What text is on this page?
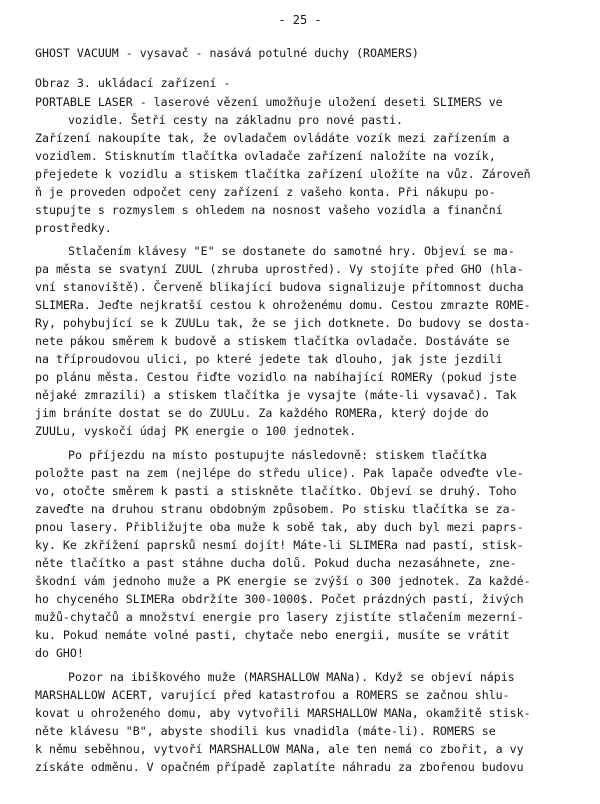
- 25 -
GHOST VACUUM - vysavač - nasává potulné duchy (ROAMERS)
Obraz 3. ukládací zařízení -
PORTABLE LASER - laserové vězení umožňuje uložení deseti SLIMERS ve
vozidle. Šetří cesty na základnu pro nové pasti.
Zařízení nakoupíte tak, že ovladačem ovládáte vozík mezi zařízením a
vozidlem. Stisknutím tlačítka ovladače zařízení naložíte na vozík,
přejedete k vozidlu a stiskem tlačítka zařízení uložíte na vůz. Zároveň
ň je proveden odpočet ceny zařízení z vašeho konta. Při nákupu po-
stupujte s rozmyslem s ohledem na nosnost vašeho vozidla a finanční
prostředky.
Stlačením klávesy "E" se dostanete do samotné hry. Objeví se ma-
pa města se svatyní ZUUL (zhruba uprostřed). Vy stojíte před GHO (hla-
vní stanoviště). Červeně blikající budova signalizuje přítomnost ducha
SLIMERa. Jeďte nejkratší cestou k ohroženému domu. Cestou zmrazte ROME-
Ry, pohybující se k ZUULu tak, že se jich dotknete. Do budovy se dosta-
nete pákou směrem k budově a stiskem tlačítka ovladače. Dostáváte se
na tříproudovou ulici, po které jedete tak dlouho, jak jste jezdili
po plánu města. Cestou řiďte vozidlo na nabíhající ROMERy (pokud jste
nějaké zmrazili) a stiskem tlačítka je vysajte (máte-li vysavač). Tak
jim bráníte dostat se do ZUULu. Za každého ROMERa, který dojde do
ZUULu, vyskočí údaj PK energie o 100 jednotek.
Po příjezdu na místo postupujte následovně: stiskem tlačítka
položte past na zem (nejlépe do středu ulice). Pak lapače odveďte vle-
vo, otočte směrem k pasti a stiskněte tlačítko. Objeví se druhý. Toho
zaveďte na druhou stranu obdobným způsobem. Po stisku tlačítka se za-
pnou lasery. Přibližujte oba muže k sobě tak, aby duch byl mezi paprs-
ky. Ke zkřížení paprsků nesmí dojít! Máte-li SLIMERa nad pastí, stisk-
něte tlačítko a past stáhne ducha dolů. Pokud ducha nezasáhnete, zne-
škodní vám jednoho muže a PK energie se zvýší o 300 jednotek. Za každé-
ho chyceného SLIMERa obdržíte 300-1000$. Počet prázdných pastí, živých
mužů-chytačů a množství energie pro lasery zjistíte stlačením mezerní-
ku. Pokud nemáte volné pasti, chytače nebo energii, musíte se vrátit
do GHO!
Pozor na ibiškového muže (MARSHALLOW MANa). Když se objeví nápis
MARSHALLOW ACERT, varující před katastrofou a ROMERS se začnou shlu-
kovat u ohroženého domu, aby vytvořili MARSHALLOW MANa, okamžitě stisk-
něte klávesu "B", abyste shodili kus vnadidla (máte-li). ROMERS se
k němu seběhnou, vytvoří MARSHALLOW MANa, ale ten nemá co zbořit, a vy
získáte odměnu. V opačném případě zaplatíte náhradu za zbořenou budovu
